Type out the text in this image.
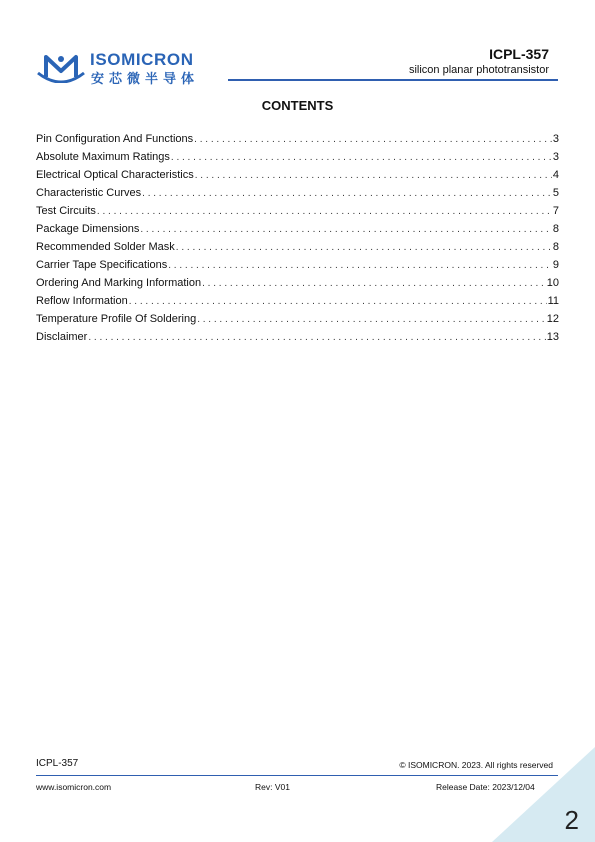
ISOMICRON
安芯微半导体
ICPL-357
silicon planar phototransistor
CONTENTS
Pin Configuration And Functions . . .	3
Absolute Maximum Ratings . . .	3
Electrical Optical Characteristics . . .	4
Characteristic Curves . . .	5
Test Circuits . . .	7
Package Dimensions . . .	8
Recommended Solder Mask . . .	8
Carrier Tape Specifications . . .	9
Ordering And Marking Information . . .	10
Reflow Information . . .	11
Temperature Profile Of Soldering . . .	12
Disclaimer . . .	13
ICPL-357	© ISOMICRON. 2023. All rights reserved
www.isomicron.com	Rev: V01	Release Date: 2023/12/04
2
